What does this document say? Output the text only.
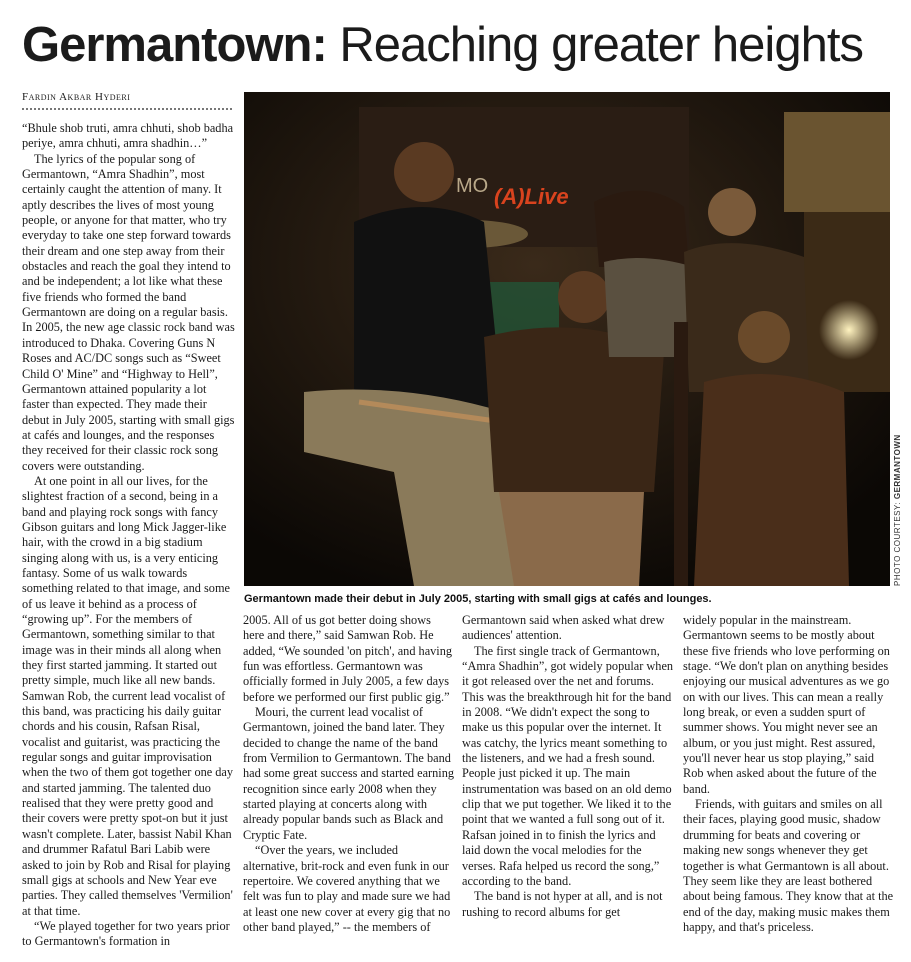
Germantown: Reaching greater heights
Fardin Akbar Hyderi

“Bhule shob truti, amra chhuti, shob badha periye, amra chhuti, amra shadhin…”

The lyrics of the popular song of Germantown, “Amra Shadhin”, most certainly caught the attention of many. It aptly describes the lives of most young people, or anyone for that matter, who try everyday to take one step forward towards their dream and one step away from their obstacles and reach the goal they intend to and be independent; a lot like what these five friends who formed the band Germantown are doing on a regular basis. In 2005, the new age classic rock band was introduced to Dhaka. Covering Guns N Roses and AC/DC songs such as “Sweet Child O' Mine” and “Highway to Hell”, Germantown attained popularity a lot faster than expected. They made their debut in July 2005, starting with small gigs at cafés and lounges, and the responses they received for their classic rock song covers were outstanding.

At one point in all our lives, for the slightest fraction of a second, being in a band and playing rock songs with fancy Gibson guitars and long Mick Jagger-like hair, with the crowd in a big stadium singing along with us, is a very enticing fantasy. Some of us walk towards something related to that image, and some of us leave it behind as a process of “growing up”. For the members of Germantown, something similar to that image was in their minds all along when they first started jamming. It started out pretty simple, much like all new bands. Samwan Rob, the current lead vocalist of this band, was practicing his daily guitar chords and his cousin, Rafsan Risal, vocalist and guitarist, was practicing the regular songs and guitar improvisation when the two of them got together one day and started jamming. The talented duo realised that they were pretty good and their covers were pretty spot-on but it just wasn't complete. Later, bassist Nabil Khan and drummer Rafatul Bari Labib were asked to join by Rob and Risal for playing small gigs at schools and New Year eve parties. They called themselves 'Vermilion' at that time.

“We played together for two years prior to Germantown's formation in

(A)Live
MO
PHOTO COURTESY: GERMANTOWN
Germantown made their debut in July 2005, starting with small gigs at cafés and lounges.

2005. All of us got better doing shows here and there,” said Samwan Rob. He added, “We sounded 'on pitch', and having fun was effortless. Germantown was officially formed in July 2005, a few days before we performed our first public gig.”

Mouri, the current lead vocalist of Germantown, joined the band later. They decided to change the name of the band from Vermilion to Germantown. The band had some great success and started earning recognition since early 2008 when they started playing at concerts along with already popular bands such as Black and Cryptic Fate.

“Over the years, we included alternative, brit-rock and even funk in our repertoire. We covered anything that we felt was fun to play and made sure we had at least one new cover at every gig that no other band played,” -- the members of

Germantown said when asked what drew audiences' attention.

The first single track of Germantown, “Amra Shadhin”, got widely popular when it got released over the net and forums. This was the breakthrough hit for the band in 2008. “We didn't expect the song to make us this popular over the internet. It was catchy, the lyrics meant something to the listeners, and we had a fresh sound. People just picked it up. The main instrumentation was based on an old demo clip that we put together. We liked it to the point that we wanted a full song out of it. Rafsan joined in to finish the lyrics and laid down the vocal melodies for the verses. Rafa helped us record the song,” according to the band.

The band is not hyper at all, and is not rushing to record albums for get

widely popular in the mainstream. Germantown seems to be mostly about these five friends who love performing on stage. “We don't plan on anything besides enjoying our musical adventures as we go on with our lives. This can mean a really long break, or even a sudden spurt of summer shows. You might never see an album, or you just might. Rest assured, you'll never hear us stop playing,” said Rob when asked about the future of the band.

Friends, with guitars and smiles on all their faces, playing good music, shadow drumming for beats and covering or making new songs whenever they get together is what Germantown is all about. They seem like they are least bothered about being famous. They know that at the end of the day, making music makes them happy, and that's priceless.
